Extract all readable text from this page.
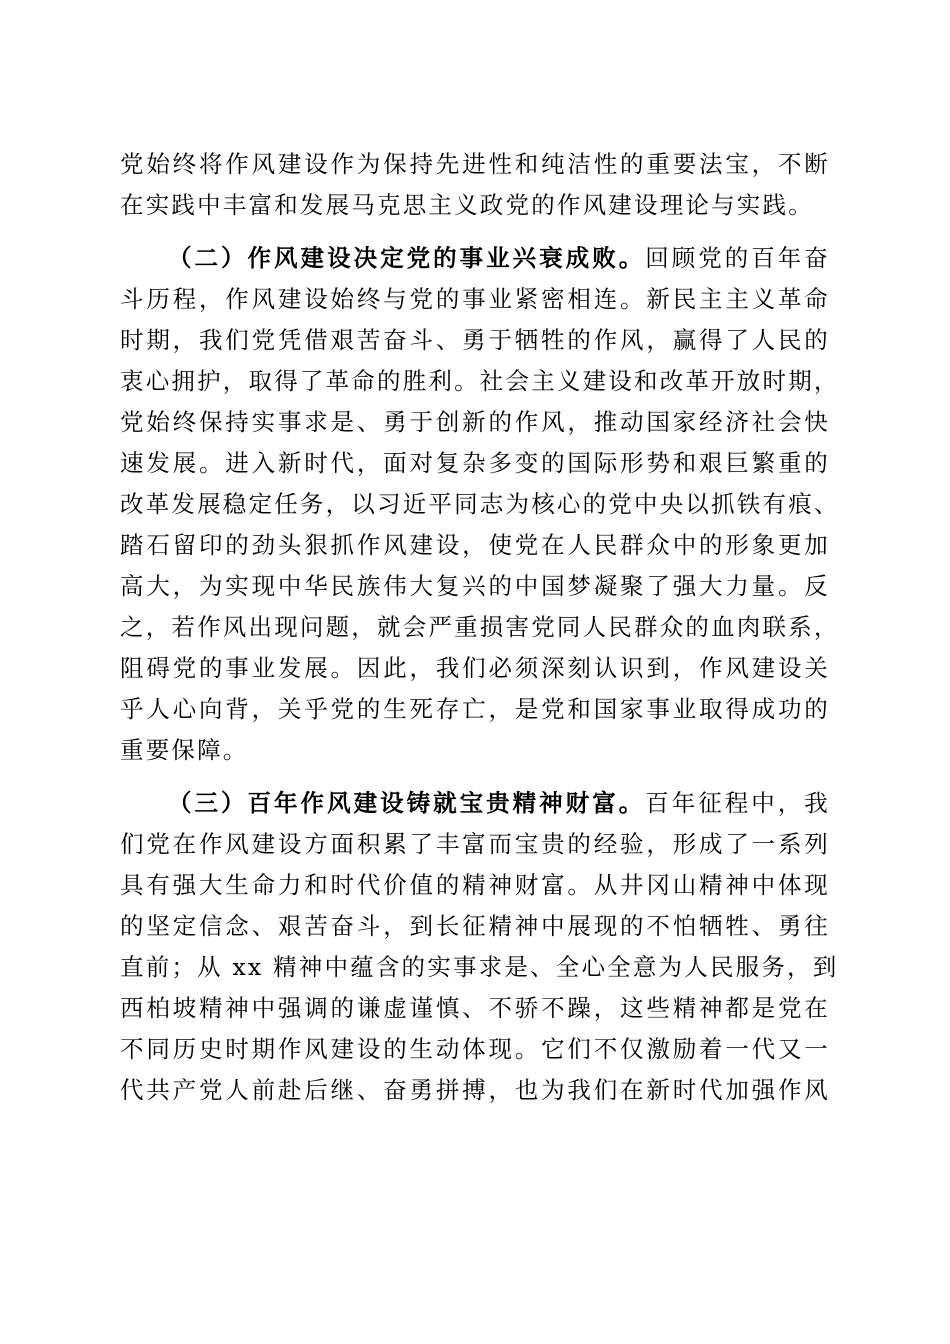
党始终将作风建设作为保持先进性和纯洁性的重要法宝，不断
在实践中丰富和发展马克思主义政党的作风建设理论与实践。
（二）作风建设决定党的事业兴衰成败。回顾党的百年奋
斗历程，作风建设始终与党的事业紧密相连。新民主主义革命
时期，我们党凭借艰苦奋斗、勇于牺牲的作风，赢得了人民的
衷心拥护，取得了革命的胜利。社会主义建设和改革开放时期，
党始终保持实事求是、勇于创新的作风，推动国家经济社会快
速发展。进入新时代，面对复杂多变的国际形势和艰巨繁重的
改革发展稳定任务，以习近平同志为核心的党中央以抓铁有痕、
踏石留印的劲头狠抓作风建设，使党在人民群众中的形象更加
高大，为实现中华民族伟大复兴的中国梦凝聚了强大力量。反
之，若作风出现问题，就会严重损害党同人民群众的血肉联系，
阻碍党的事业发展。因此，我们必须深刻认识到，作风建设关
乎人心向背，关乎党的生死存亡，是党和国家事业取得成功的
重要保障。
（三）百年作风建设铸就宝贵精神财富。百年征程中，我
们党在作风建设方面积累了丰富而宝贵的经验，形成了一系列
具有强大生命力和时代价值的精神财富。从井冈山精神中体现
的坚定信念、艰苦奋斗，到长征精神中展现的不怕牺牲、勇往
直前；从 xx 精神中蕴含的实事求是、全心全意为人民服务，到
西柏坡精神中强调的谦虚谨慎、不骄不躁，这些精神都是党在
不同历史时期作风建设的生动体现。它们不仅激励着一代又一
代共产党人前赴后继、奋勇拼搏，也为我们在新时代加强作风
